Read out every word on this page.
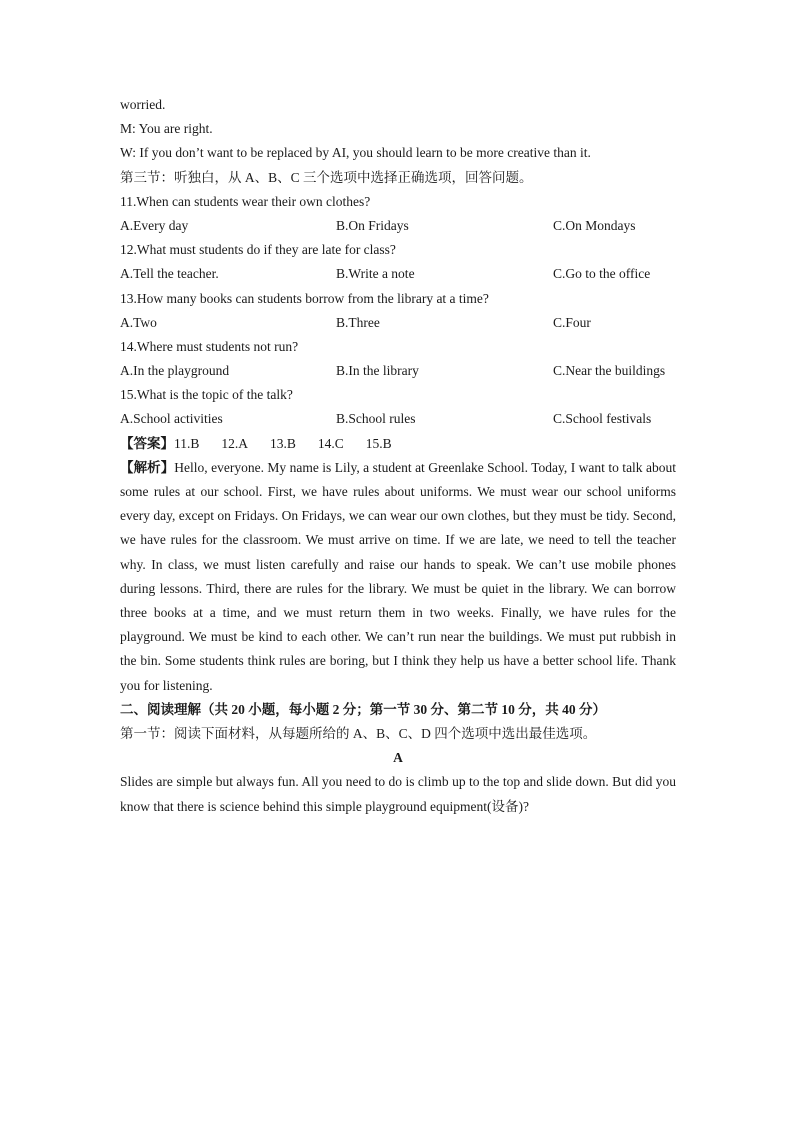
worried.
M: You are right.
W: If you don’t want to be replaced by AI, you should learn to be more creative than it.
第三节：听独白，从 A、B、C 三个选项中选择正确选项，回答问题。
11.When can students wear their own clothes?
A.Every day	B.On Fridays	C.On Mondays
12.What must students do if they are late for class?
A.Tell the teacher.	B.Write a note	C.Go to the office
13.How many books can students borrow from the library at a time?
A.Two	B.Three	C.Four
14.Where must students not run?
A.In the playground	B.In the library	C.Near the buildings
15.What is the topic of the talk?
A.School activities	B.School rules	C.School festivals
【答案】11.B 12.A 13.B 14.C 15.B
【解析】Hello, everyone. My name is Lily, a student at Greenlake School. Today, I want to talk about some rules at our school. First, we have rules about uniforms. We must wear our school uniforms every day, except on Fridays. On Fridays, we can wear our own clothes, but they must be tidy. Second, we have rules for the classroom. We must arrive on time. If we are late, we need to tell the teacher why. In class, we must listen carefully and raise our hands to speak. We can’t use mobile phones during lessons. Third, there are rules for the library. We must be quiet in the library. We can borrow three books at a time, and we must return them in two weeks. Finally, we have rules for the playground. We must be kind to each other. We can’t run near the buildings. We must put rubbish in the bin. Some students think rules are boring, but I think they help us have a better school life. Thank you for listening.
二、阅读理解（共 20 小题，每小题 2 分；第一节 30 分、第二节 10 分，共 40 分）
第一节：阅读下面材料，从每题所给的 A、B、C、D 四个选项中选出最佳选项。
A
Slides are simple but always fun. All you need to do is climb up to the top and slide down. But did you know that there is science behind this simple playground equipment(设备)?
